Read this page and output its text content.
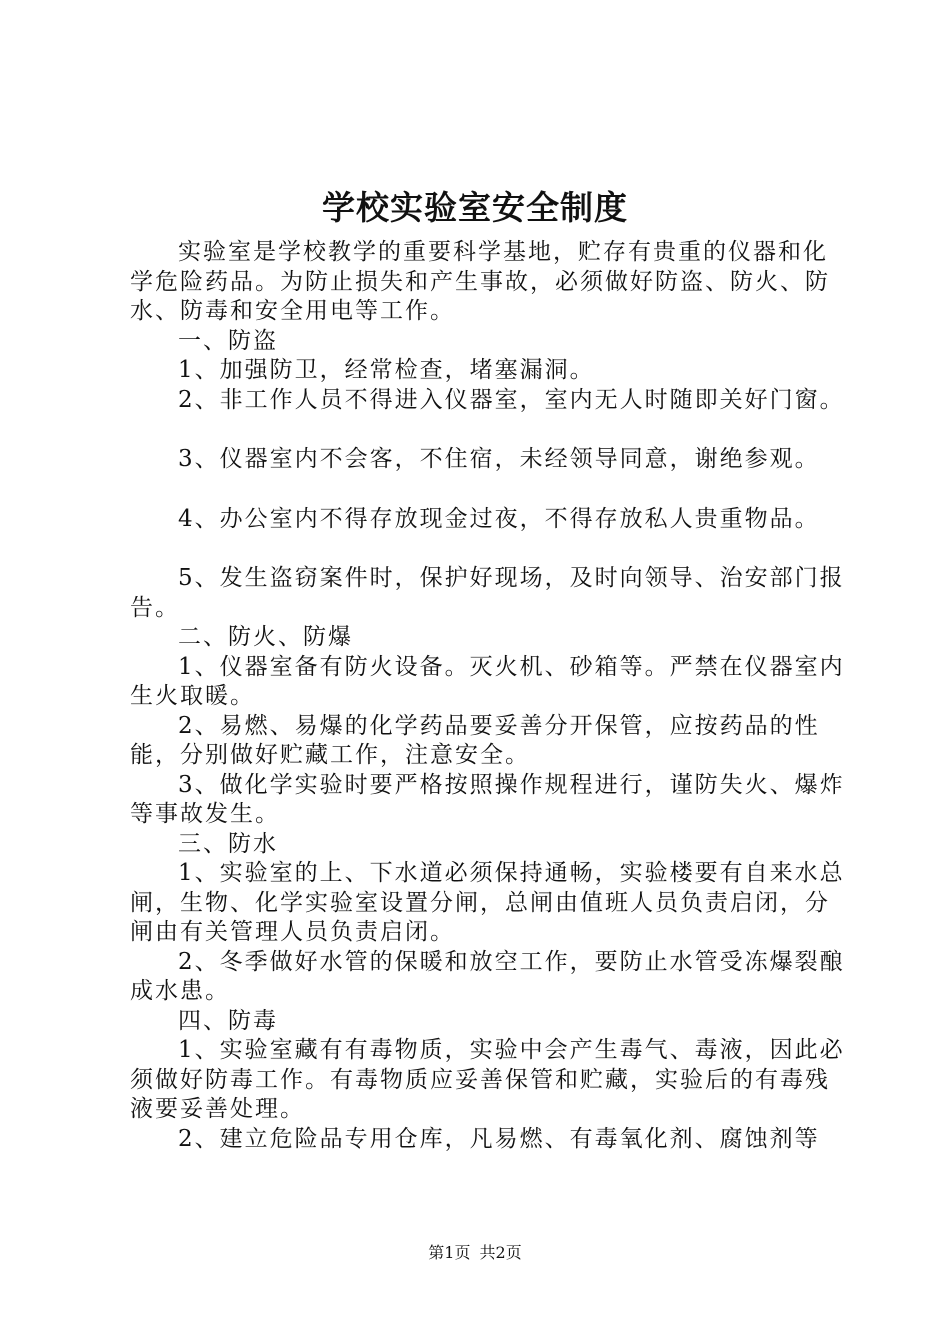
学校实验室安全制度

实验室是学校教学的重要科学基地，贮存有贵重的仪器和化学危险药品。为防止损失和产生事故，必须做好防盗、防火、防水、防毒和安全用电等工作。

一、防盗

1、加强防卫，经常检查，堵塞漏洞。

2、非工作人员不得进入仪器室，室内无人时随即关好门窗。

3、仪器室内不会客，不住宿，未经领导同意，谢绝参观。

4、办公室内不得存放现金过夜，不得存放私人贵重物品。

5、发生盗窃案件时，保护好现场，及时向领导、治安部门报告。

二、防火、防爆

1、仪器室备有防火设备。灭火机、砂箱等。严禁在仪器室内生火取暖。

2、易燃、易爆的化学药品要妥善分开保管，应按药品的性能，分别做好贮藏工作，注意安全。

3、做化学实验时要严格按照操作规程进行，谨防失火、爆炸等事故发生。

三、防水

1、实验室的上、下水道必须保持通畅，实验楼要有自来水总闸，生物、化学实验室设置分闸，总闸由值班人员负责启闭，分闸由有关管理人员负责启闭。

2、冬季做好水管的保暖和放空工作，要防止水管受冻爆裂酿成水患。

四、防毒

1、实验室藏有有毒物质，实验中会产生毒气、毒液，因此必须做好防毒工作。有毒物质应妥善保管和贮藏，实验后的有毒残液要妥善处理。

2、建立危险品专用仓库，凡易燃、有毒氧化剂、腐蚀剂等

第1页 共2页
